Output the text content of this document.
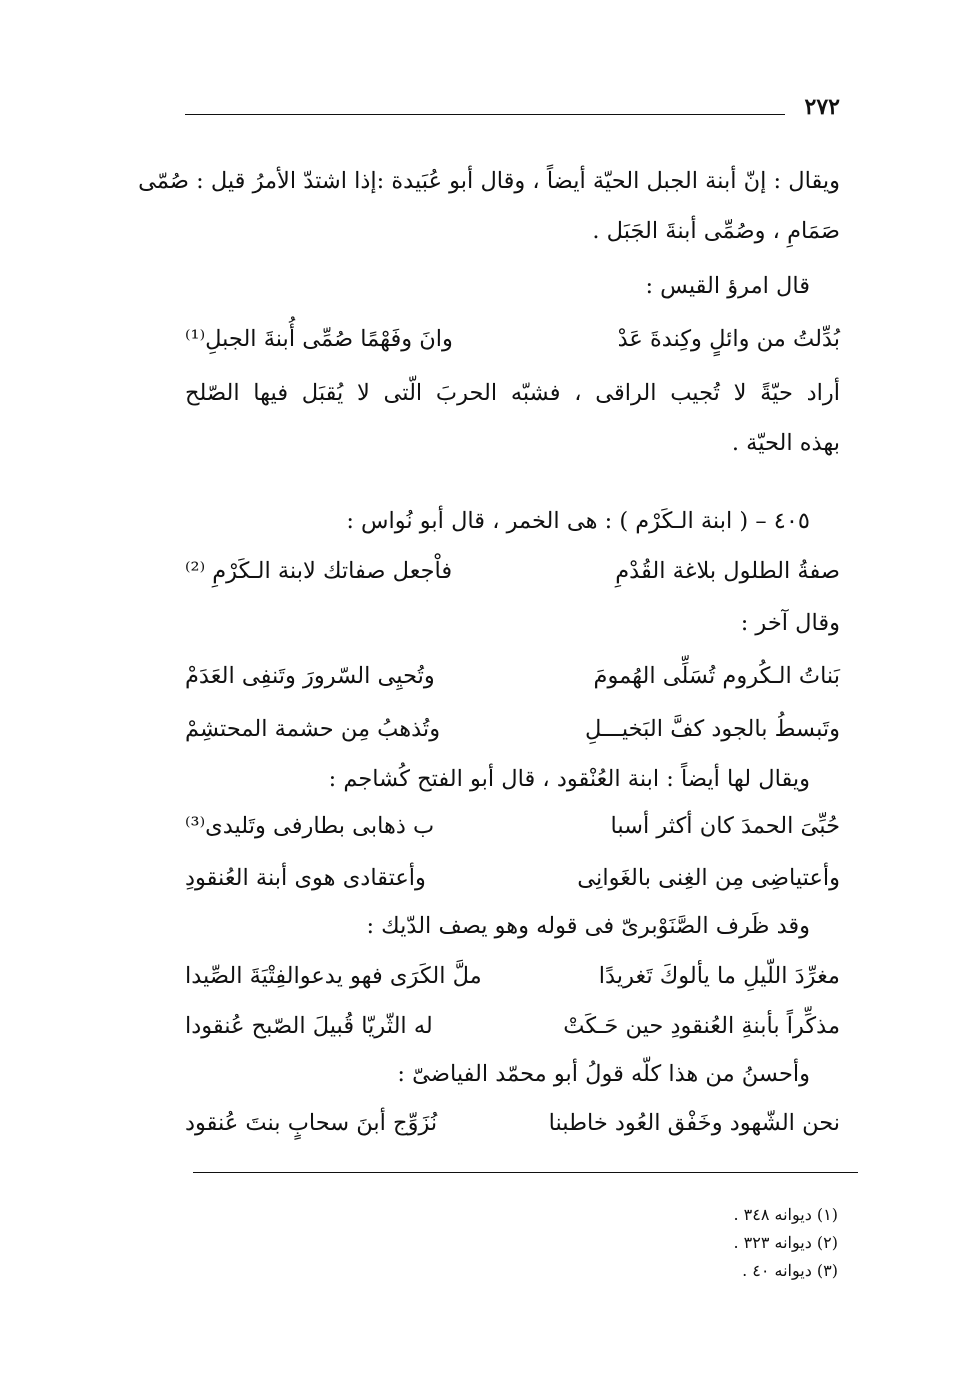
٢٧٢
ويقال : إنّ أبنة الجبل الحيّة أيضاً ، وقال أبو عُبَيدة :إذا اشتدّ الأمرُ قيل : صُمّى
صَمَامِ ، وصُمِّى أبنةَ الجَبَل .
قال امرؤ القيس :
بُدِّلتُ من وائلٍ وكِندةَ عَدْ
وانَ وفَهْمًا صُمِّى أُبنةَ الجبلِ⁽¹⁾
أراد حيّةً لا تُجيب الراقى ، فشبّه الحربَ الّتى لا يُقبَل فيها الصّلح
بهذه الحيّة .
٤٠٥ – ( ابنة الـكَرْم ) : هى الخمر ، قال أبو نُواس :
صفةُ الطلول بلاغة القُدْمِ
فاْجعل صفاتك لابنة الـكَرْمِ ⁽²⁾
وقال آخر :
بَناتُ الـكُروم تُسَلِّى الهُمومَ
وتُحيِى السّرورَ وتَنفِى العَدَمْ
وتَبسطُ بالجود كفَّ البَخيـــلِ
وتُذهبُ مِن حشمة المحتشِمْ
ويقال لها أيضاً : ابنة العُنْقود ، قال أبو الفتح كُشاجم :
حُبِّىَ الحمدَ كان أكثر أسبا
ب ذهابى بطارفى وتَليدى⁽³⁾
وأعتياضِى مِن الغِنى بالغَوانِى
وأعتقادى هوى أبنة العُنقودِ
وقد ظَرف الصَّنَوْبرىّ فى قوله وهو يصف الدّيك :
مغرِّدَ اللّيلِ ما يألوكَ تَغريدًا
ملَّ الكَرَى فهو يدعوالفِتْيَةَ الصِّيدا
مذكِّراً بأبنةِ العُنقودِ حين حَـكَتْ
له الثّريّا قُبيلَ الصّبح عُنقودا
وأحسنُ من هذا كلّه قولُ أبو محمّد الفياضىّ :
نحن الشّهود وخَفْق العُود خاطبنا
نُزَوِّج أبنَ سحابٍ بنتَ عُنقود
(١) ديوانه ٣٤٨ .
(٢) ديوانه ٣٢٣ .
(٣) ديوانه ٤٠ .
